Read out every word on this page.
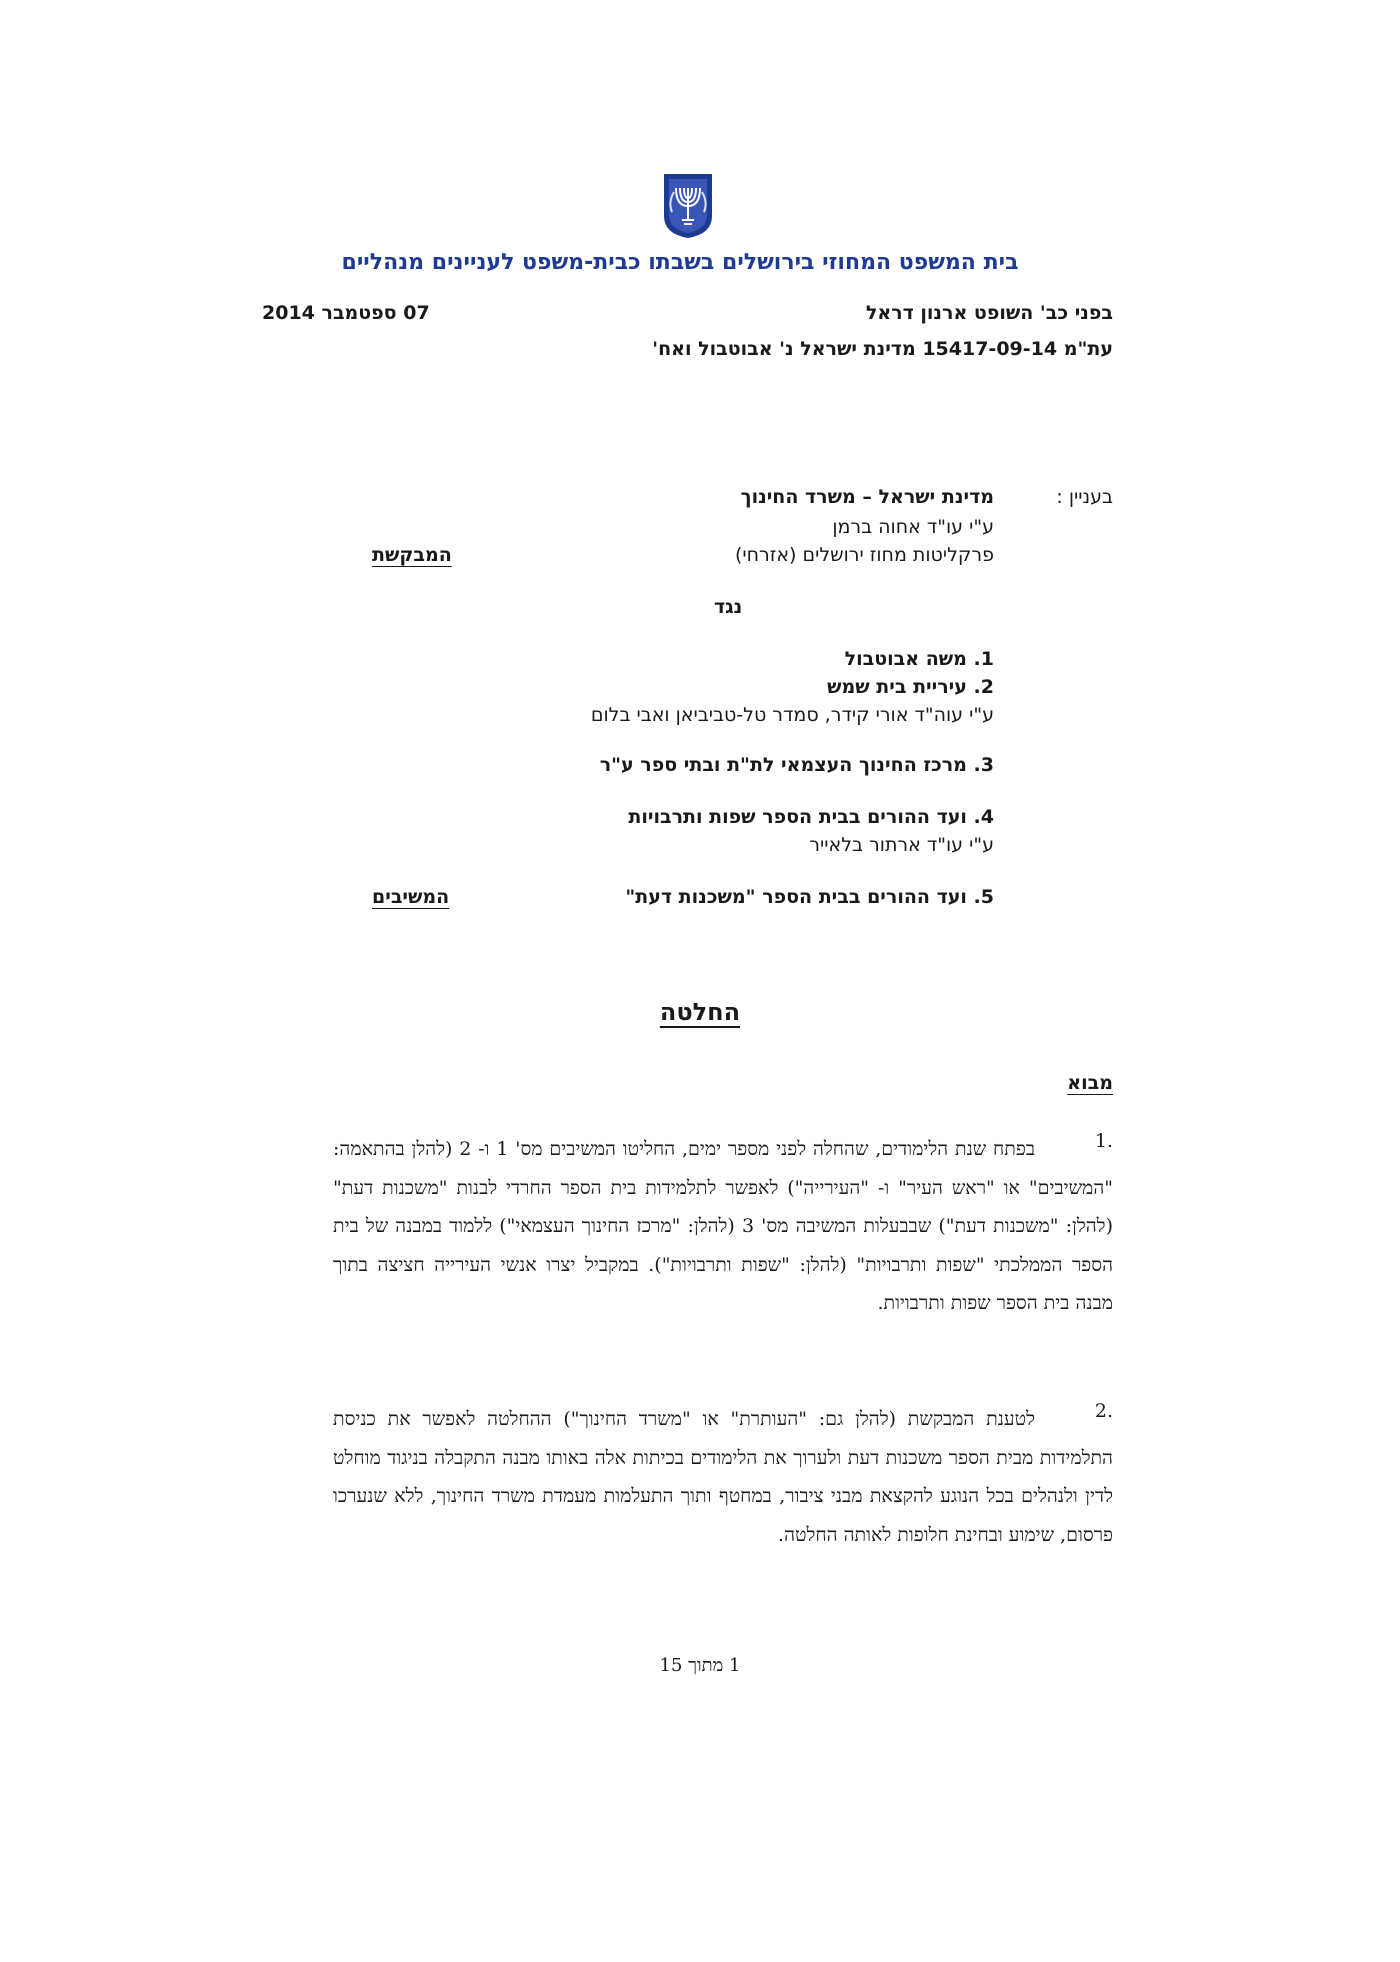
בית המשפט המחוזי בירושלים בשבתו כבית-משפט לעניינים מנהליים
בפני כב' השופט ארנון דראל
07 ספטמבר 2014
עת"מ 15417-09-14 מדינת ישראל נ' אבוטבול ואח'
בעניין :
מדינת ישראל – משרד החינוך
ע"י עו"ד אחוה ברמן
פרקליטות מחוז ירושלים (אזרחי)
המבקשת
נגד
1. משה אבוטבול
2. עיריית בית שמש
ע"י עוה"ד אורי קידר, סמדר טל-טביביאן ואבי בלום
3. מרכז החינוך העצמאי לת"ת ובתי ספר ע"ר
4. ועד ההורים בבית הספר שפות ותרבויות
ע"י עו"ד ארתור בלאייר
5. ועד ההורים בבית הספר "משכנות דעת"
המשיבים
החלטה
מבוא
1.
בפתח שנת הלימודים, שהחלה לפני מספר ימים, החליטו המשיבים מס' 1 ו- 2 (להלן בהתאמה: "המשיבים" או "ראש העיר" ו- "העירייה") לאפשר לתלמידות בית הספר החרדי לבנות "משכנות דעת" (להלן: "משכנות דעת") שבבעלות המשיבה מס' 3 (להלן: "מרכז החינוך העצמאי") ללמוד במבנה של בית הספר הממלכתי "שפות ותרבויות" (להלן: "שפות ותרבויות"). במקביל יצרו אנשי העירייה חציצה בתוך מבנה בית הספר שפות ותרבויות.
2.
לטענת המבקשת (להלן גם: "העותרת" או "משרד החינוך") ההחלטה לאפשר את כניסת התלמידות מבית הספר משכנות דעת ולערוך את הלימודים בכיתות אלה באותו מבנה התקבלה בניגוד מוחלט לדין ולנהלים בכל הנוגע להקצאת מבני ציבור, במחטף ותוך התעלמות מעמדת משרד החינוך, ללא שנערכו פרסום, שימוע ובחינת חלופות לאותה החלטה.
1 מתוך 15
